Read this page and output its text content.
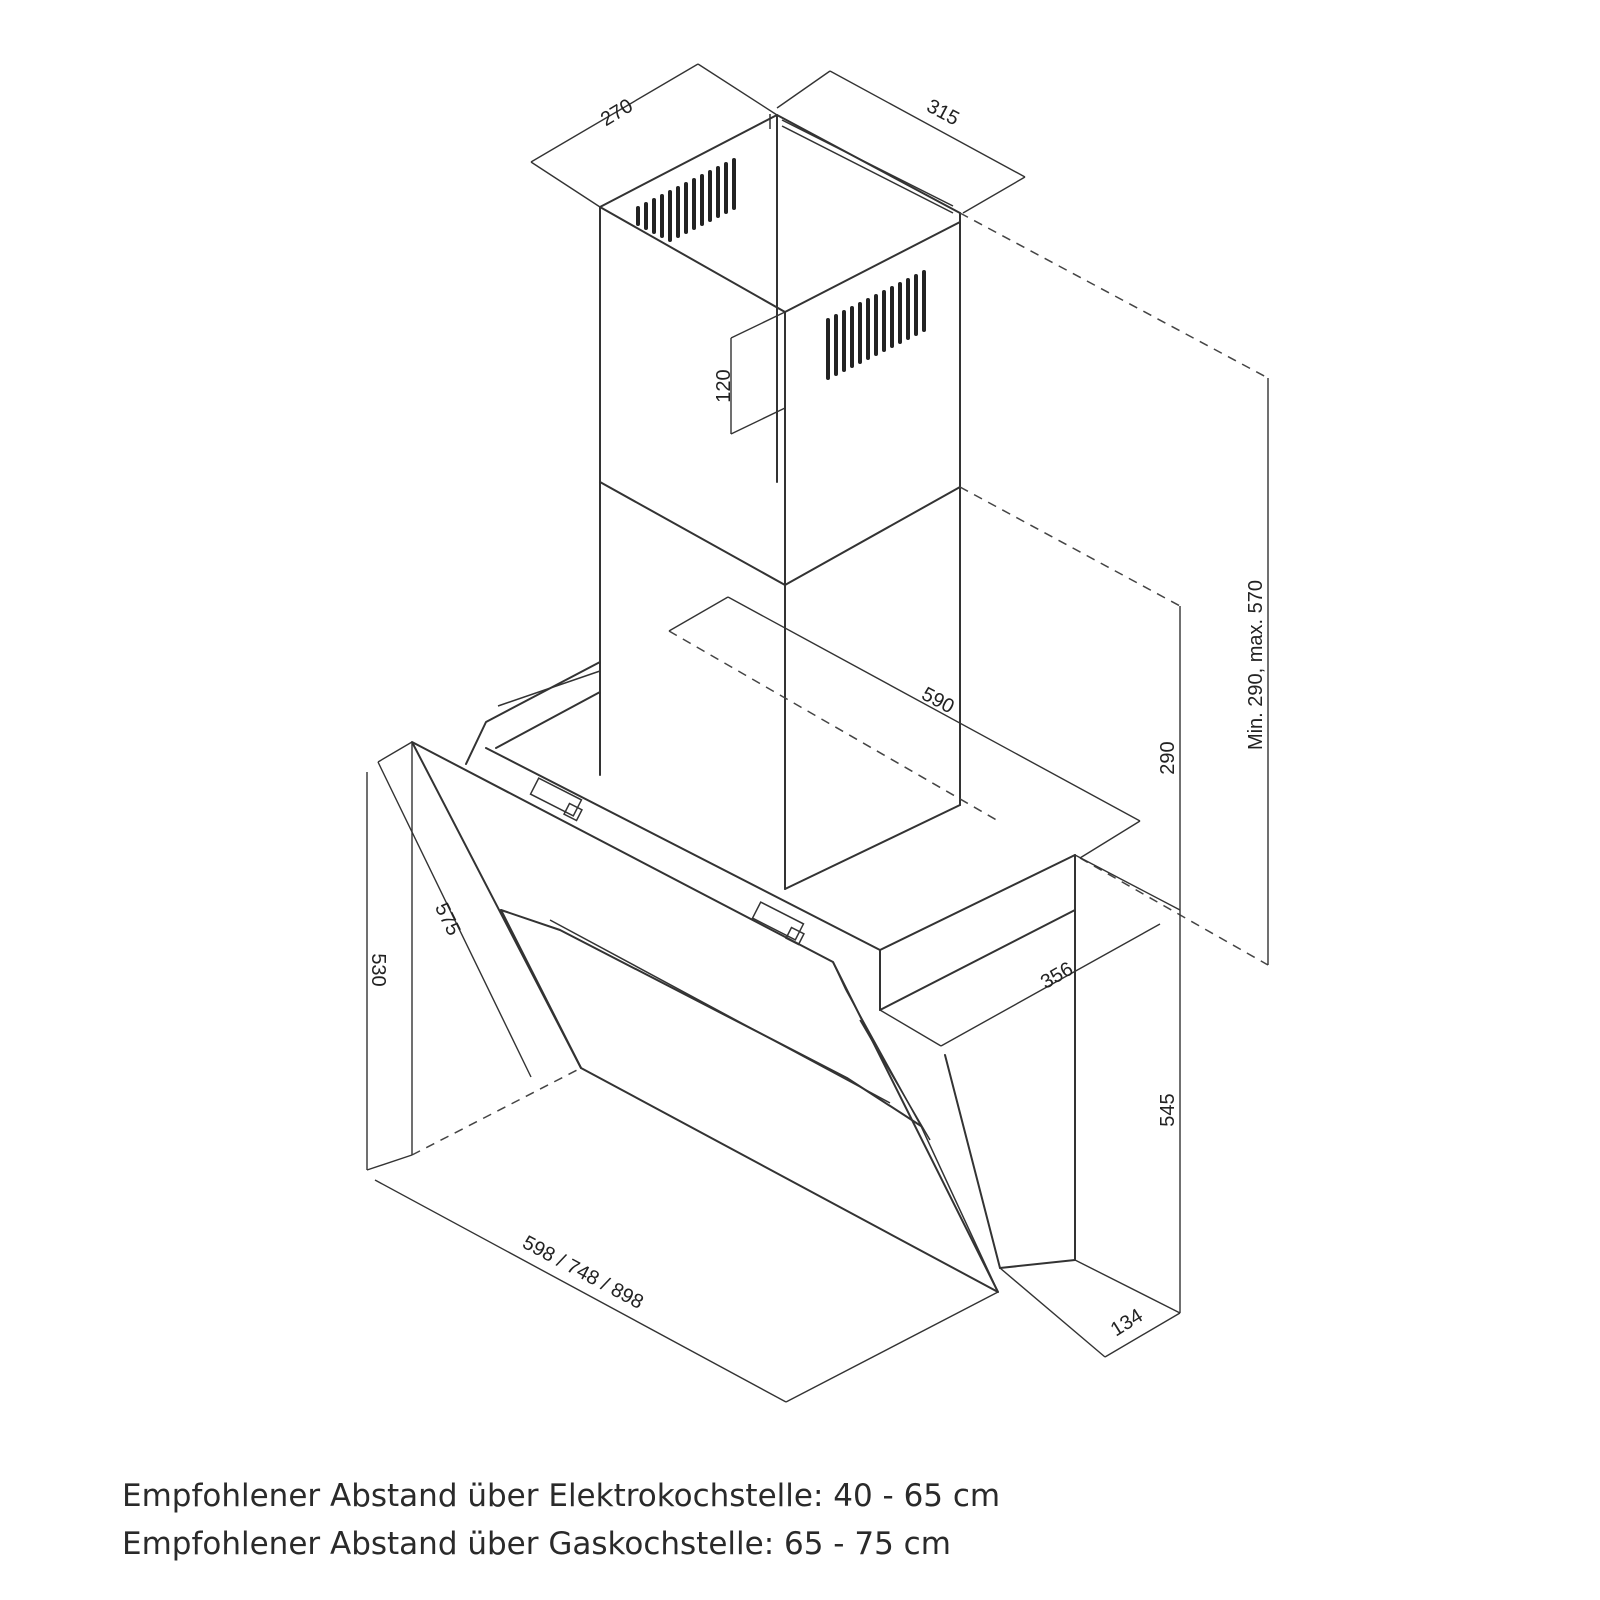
270	315
120
Min. 290, max. 570
590
290
356
545
134
575
530
598 / 748 / 898
Empfohlener Abstand über Elektrokochstelle: 40 - 65 cm
Empfohlener Abstand über Gaskochstelle: 65 - 75 cm
